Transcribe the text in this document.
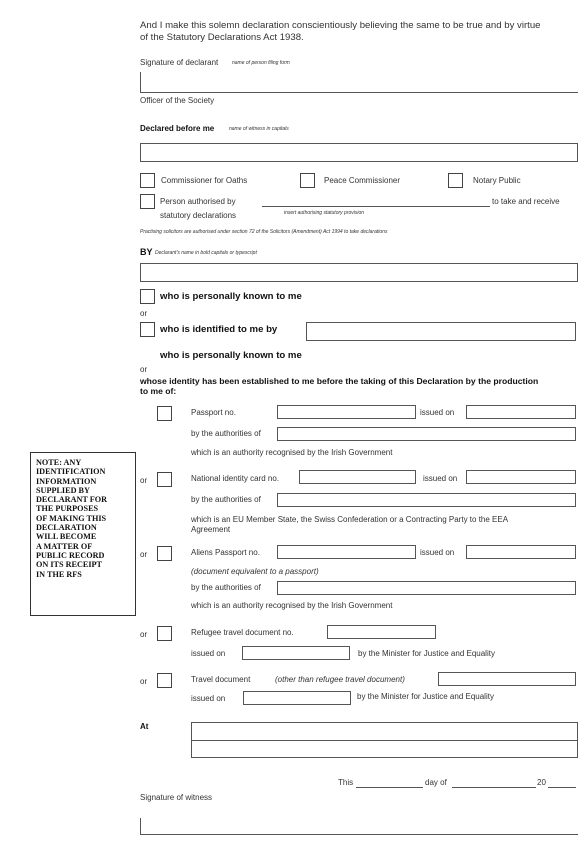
And I make this solemn declaration conscientiously believing the same to be true and by virtue
of the Statutory Declarations Act 1938.
Signature of declarant	name of person filing form
Officer of the Society
Declared before me	name of witness in capitals
Commissioner for Oaths	Peace Commissioner	Notary Public
Person authorised by	to take and receive
statutory declarations	insert authorising statutory provision
Practising solicitors are authorised under section 72 of the Solicitors (Amendment) Act 1994 to take declarations
BY Declarant's name in bold capitals or typescript
who is personally known to me
or
who is identified to me by
who is personally known to me
or
whose identity has been established to me before the taking of this Declaration by the production
to me of:
Passport no.	issued on
by the authorities of
which is an authority recognised by the Irish Government
or	National identity card no.	issued on
by the authorities of
which is an EU Member State, the Swiss Confederation or a Contracting Party to the EEA
Agreement
or	Aliens Passport no.	issued on
(document equivalent to a passport)
by the authorities of
which is an authority recognised by the Irish Government
or	Refugee travel document no.
issued on	by the Minister for Justice and Equality
or	Travel document	(other than refugee travel document)
issued on	by the Minister for Justice and Equality
At
This	day of	20
Signature of witness
NOTE: ANY
IDENTIFICATION
INFORMATION
SUPPLIED BY
DECLARANT FOR
THE PURPOSES
OF MAKING THIS
DECLARATION
WILL BECOME
A MATTER OF
PUBLIC RECORD
ON ITS RECEIPT
IN THE RFS
